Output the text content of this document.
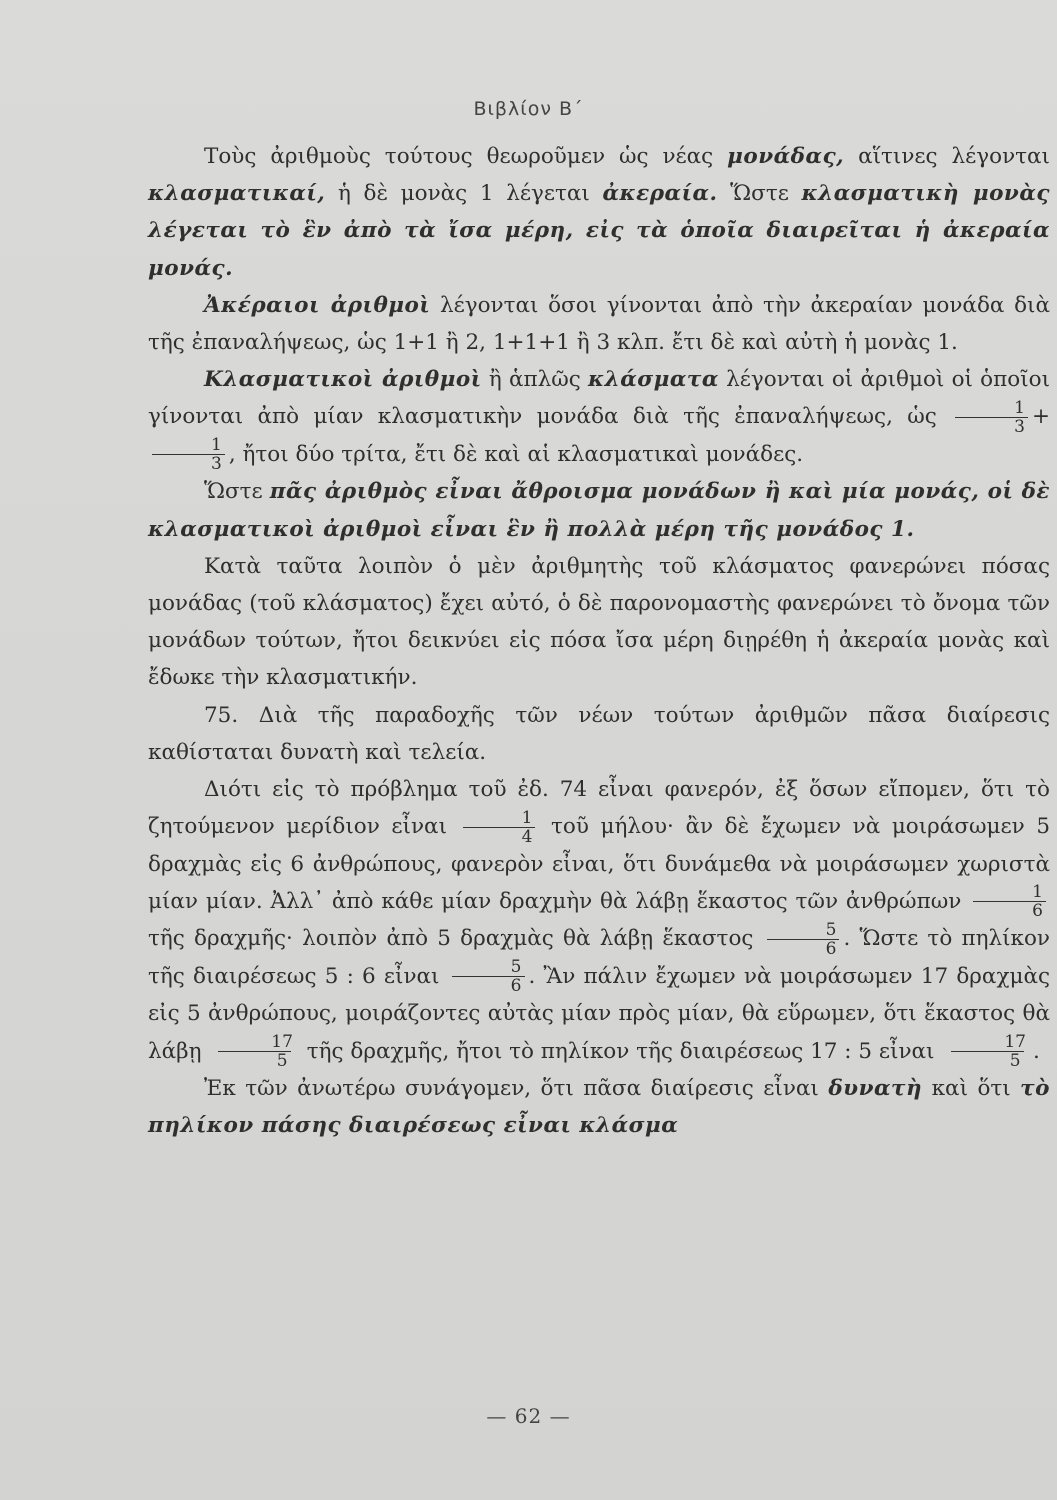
Βιβλίον Β΄

Τοὺς ἀριθμοὺς τούτους θεωροῦμεν ὡς νέας μονάδας, αἵτινες λέγονται κλασματικαί, ἡ δὲ μονὰς 1 λέγεται ἀκεραία. Ὥστε κλασματικὴ μονὰς λέγεται τὸ ἓν ἀπὸ τὰ ἴσα μέρη, εἰς τὰ ὁποῖα διαιρεῖται ἡ ἀκεραία μονάς.

Ἀκέραιοι ἀριθμοὶ λέγονται ὅσοι γίνονται ἀπὸ τὴν ἀκεραίαν μονάδα διὰ τῆς ἐπαναλήψεως, ὡς 1+1 ἢ 2, 1+1+1 ἢ 3 κλπ. ἔτι δὲ καὶ αὐτὴ ἡ μονὰς 1.

Κλασματικοὶ ἀριθμοὶ ἢ ἁπλῶς κλάσματα λέγονται οἱ ἀριθμοὶ οἱ ὁποῖοι γίνονται ἀπὸ μίαν κλασματικὴν μονάδα διὰ τῆς ἐπαναλήψεως, ὡς $\frac{1}{3}$ +
$\frac{1}{3}$ , ἤτοι δύο τρίτα, ἔτι δὲ καὶ αἱ κλασματικαὶ μονάδες.

Ὥστε πᾶς ἀριθμὸς εἶναι ἄθροισμα μονάδων ἢ καὶ μία μονάς, οἱ δὲ κλασματικοὶ ἀριθμοὶ εἶναι ἓν ἢ πολλὰ μέρη τῆς μονάδος 1.

Κατὰ ταῦτα λοιπὸν ὁ μὲν ἀριθμητὴς τοῦ κλάσματος φανερώνει πόσας μονάδας (τοῦ κλάσματος) ἔχει αὐτό, ὁ δὲ παρονομαστὴς φανερώνει τὸ ὄνομα τῶν μονάδων τούτων, ἤτοι δεικνύει εἰς πόσα ἴσα μέρη διῃρέθη ἡ ἀκεραία μονὰς καὶ ἔδωκε τὴν κλασματικήν.

75. Διὰ τῆς παραδοχῆς τῶν νέων τούτων ἀριθμῶν πᾶσα διαίρεσις καθίσταται δυνατὴ καὶ τελεία.

Διότι εἰς τὸ πρόβλημα τοῦ ἐδ. 74 εἶναι φανερόν, ἐξ ὅσων εἴπομεν, ὅτι τὸ ζητούμενον μερίδιον εἶναι $\frac{1}{4}$ τοῦ μήλου· ἂν δὲ ἔχωμεν νὰ μοιράσωμεν 5 δραχμὰς εἰς 6 ἀνθρώπους, φανερὸν εἶναι, ὅτι δυνάμεθα νὰ μοιράσωμεν χωριστὰ μίαν μίαν. Ἀλλ᾽ ἀπὸ κάθε μίαν δραχμὴν θὰ λάβῃ ἕκαστος τῶν ἀνθρώπων $\frac{1}{6}$
τῆς δραχμῆς· λοιπὸν ἀπὸ 5 δραχμὰς θὰ λάβῃ ἕκαστος $\frac{5}{6}$ . Ὥστε τὸ πηλίκον τῆς διαιρέσεως 5 : 6 εἶναι $\frac{5}{6}$ . Ἂν πάλιν ἔχωμεν νὰ μοιράσωμεν 17 δραχμὰς εἰς 5 ἀνθρώπους, μοιράζοντες αὐτὰς μίαν πρὸς μίαν, θὰ εὕρωμεν, ὅτι ἕκαστος θὰ λάβῃ $\frac{17}{5}$ τῆς δραχμῆς, ἤτοι τὸ πηλίκον τῆς διαιρέσεως 17 : 5 εἶναι $\frac{17}{5}$ .

Ἐκ τῶν ἀνωτέρω συνάγομεν, ὅτι πᾶσα διαίρεσις εἶναι δυνατὴ καὶ ὅτι τὸ πηλίκον πάσης διαιρέσεως εἶναι κλάσμα

— 62 —
